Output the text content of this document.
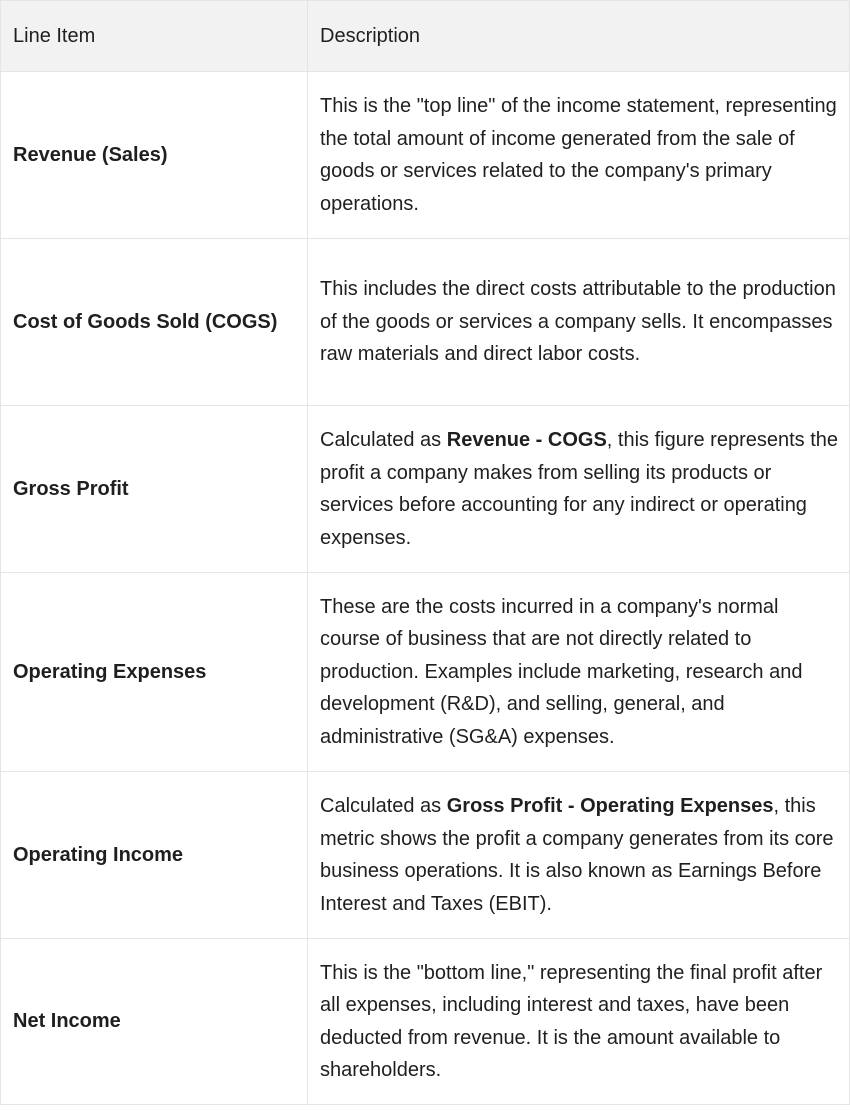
Line Item	Description
Revenue (Sales)	This is the "top line" of the income statement, representing the total amount of income generated from the sale of goods or services related to the company's primary operations.
Cost of Goods Sold (COGS)	This includes the direct costs attributable to the production of the goods or services a company sells. It encompasses raw materials and direct labor costs.
Gross Profit	Calculated as Revenue - COGS, this figure represents the profit a company makes from selling its products or services before accounting for any indirect or operating expenses.
Operating Expenses	These are the costs incurred in a company's normal course of business that are not directly related to production. Examples include marketing, research and development (R&D), and selling, general, and administrative (SG&A) expenses.
Operating Income	Calculated as Gross Profit - Operating Expenses, this metric shows the profit a company generates from its core business operations. It is also known as Earnings Before Interest and Taxes (EBIT).
Net Income	This is the "bottom line," representing the final profit after all expenses, including interest and taxes, have been deducted from revenue. It is the amount available to shareholders.
